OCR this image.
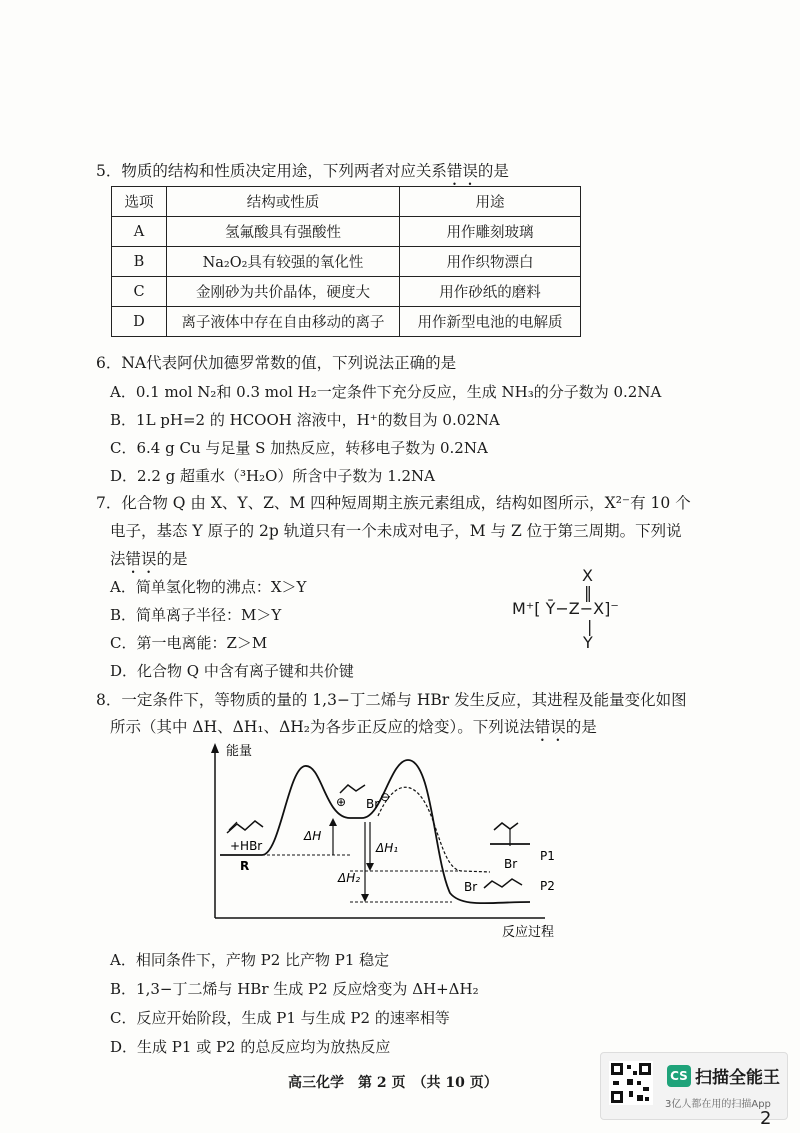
5．物质的结构和性质决定用途，下列两者对应关系错误的是
选项	结构或性质	用途
A	氢氟酸具有强酸性	用作雕刻玻璃
B	Na₂O₂具有较强的氧化性	用作织物漂白
C	金刚砂为共价晶体，硬度大	用作砂纸的磨料
D	离子液体中存在自由移动的离子	用作新型电池的电解质
6．NA代表阿伏加德罗常数的值，下列说法正确的是
A．0.1 mol N₂和 0.3 mol H₂一定条件下充分反应，生成 NH₃的分子数为 0.2NA
B．1L pH=2 的 HCOOH 溶液中，H⁺的数目为 0.02NA
C．6.4 g Cu 与足量 S 加热反应，转移电子数为 0.2NA
D．2.2 g 超重水（³H₂O）所含中子数为 1.2NA
7．化合物 Q 由 X、Y、Z、M 四种短周期主族元素组成，结构如图所示，X²⁻有 10 个
电子，基态 Y 原子的 2p 轨道只有一个未成对电子，M 与 Z 位于第三周期。下列说
法错误的是
A．简单氢化物的沸点：X＞Y
B．简单离子半径：M＞Y
C．第一电离能：Z＞M
D．化合物 Q 中含有离子键和共价键
X
‖
M⁺[ Ȳ−Z−X]⁻
|
Y
8．一定条件下，等物质的量的 1,3−丁二烯与 HBr 发生反应，其进程及能量变化如图
所示（其中 ΔH、ΔH₁、ΔH₂为各步正反应的焓变）。下列说法错误的是
能量
反应过程
ΔH
ΔH₁
ΔH₂
+HBr
R
⊕ Br ⊖
Br
P1
Br	P2
A．相同条件下，产物 P2 比产物 P1 稳定
B．1,3−丁二烯与 HBr 生成 P2 反应焓变为 ΔH+ΔH₂
C．反应开始阶段，生成 P1 与生成 P2 的速率相等
D．生成 P1 或 P2 的总反应均为放热反应
高三化学　第 2 页　（共 10 页）	CS 扫描全能王
3亿人都在用的扫描App
2
